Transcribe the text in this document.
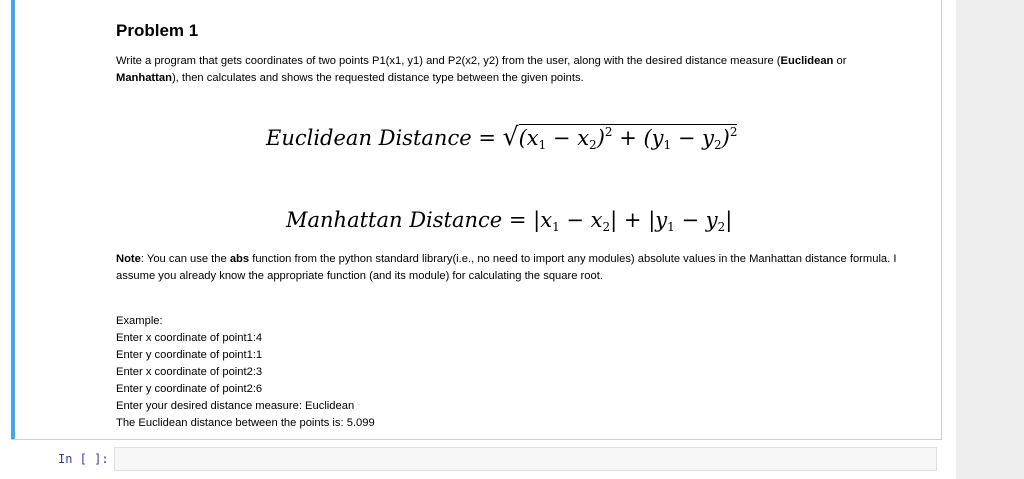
Problem 1
Write a program that gets coordinates of two points P1(x1, y1) and P2(x2, y2) from the user, along with the desired distance measure (Euclidean or Manhattan), then calculates and shows the requested distance type between the given points.
Euclidean Distance = $√(x_1 - x_2)^2 + (y_1 - y_2)^2$
Manhattan Distance = $|x_1 - x_2| + |y_1 - y_2|$
Note: You can use the abs function from the python standard library(i.e., no need to import any modules) absolute values in the Manhattan distance formula. I assume you already know the appropriate function (and its module) for calculating the square root.
Example:
Enter x coordinate of point1:4
Enter y coordinate of point1:1
Enter x coordinate of point2:3
Enter y coordinate of point2:6
Enter your desired distance measure: Euclidean
The Euclidean distance between the points is: 5.099
In [ ]:
